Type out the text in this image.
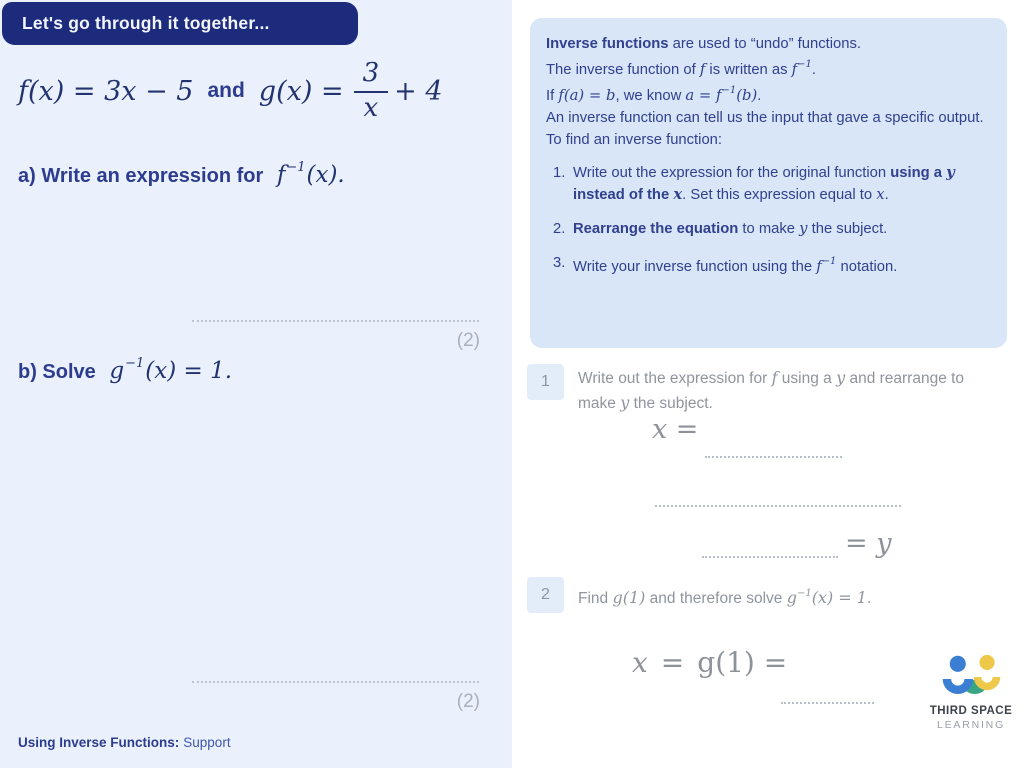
Let's go through it together...
f(x) = 3x − 5 and $g(x) = \frac{3}{x} + 4$
a) Write an expression for $f^{-1}(x)$.
(2)
b) Solve $g^{-1}(x) = 1$.
(2)
Using Inverse Functions: Support

Inverse functions are used to “undo” functions.

The inverse function of f is written as $f^{-1}$.

If f(a) = b, we know $a = f^{-1}(b)$.

An inverse function can tell us the input that gave a specific output.

To find an inverse function:

1. Write out the expression for the original function using a y instead of the x. Set this expression equal to x.
2. Rearrange the equation to make y the subject.
3. Write your inverse function using the $f^{-1}$ notation.
1	Write out the expression for f using a y and rearrange to make y the subject.
x =
= y
2	Find g(1) and therefore solve $g^{-1}(x) = 1$.
x = g(1) =
THIRD SPACE
LEARNING
